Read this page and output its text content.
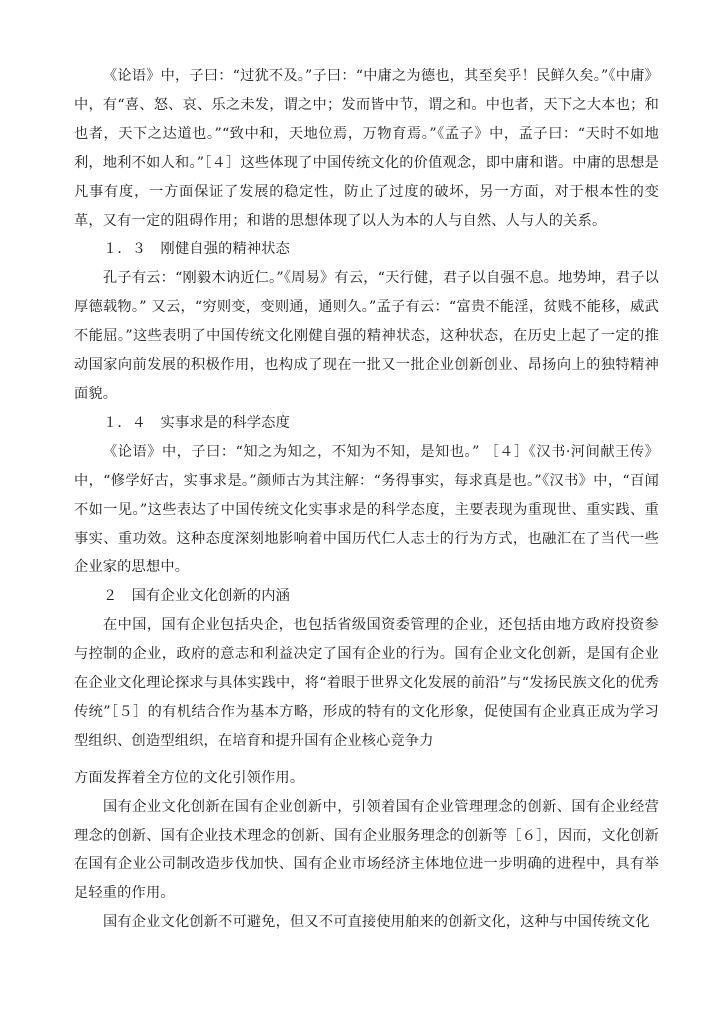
《论语》中，子曰：“过犹不及。”子曰：“中庸之为德也，其至矣乎！民鲜久矣。”《中庸》中，有“喜、怒、哀、乐之未发，谓之中；发而皆中节，谓之和。中也者，天下之大本也；和也者，天下之达道也。”“致中和，天地位焉，万物育焉。”《孟子》中，孟子曰：“天时不如地利，地利不如人和。”［４］这些体现了中国传统文化的价值观念，即中庸和谐。中庸的思想是凡事有度，一方面保证了发展的稳定性，防止了过度的破坏，另一方面，对于根本性的变革，又有一定的阻碍作用；和谐的思想体现了以人为本的人与自然、人与人的关系。

１．３　刚健自强的精神状态

孔子有云：“刚毅木讷近仁。”《周易》有云，“天行健，君子以自强不息。地势坤，君子以厚德载物。” 又云，“穷则变，变则通，通则久。”孟子有云：“富贵不能淫，贫贱不能移，威武不能屈。”这些表明了中国传统文化刚健自强的精神状态，这种状态，在历史上起了一定的推动国家向前发展的积极作用，也构成了现在一批又一批企业创新创业、昂扬向上的独特精神面貌。

１．４　实事求是的科学态度

《论语》中，子曰：“知之为知之，不知为不知，是知也。” ［４］《汉书·河间献王传》中，“修学好古，实事求是。”颜师古为其注解：“务得事实，每求真是也。”《汉书》中，“百闻不如一见。”这些表达了中国传统文化实事求是的科学态度，主要表现为重现世、重实践、重事实、重功效。这种态度深刻地影响着中国历代仁人志士的行为方式，也融汇在了当代一些企业家的思想中。

２　国有企业文化创新的内涵

在中国，国有企业包括央企，也包括省级国资委管理的企业，还包括由地方政府投资参与控制的企业，政府的意志和利益决定了国有企业的行为。国有企业文化创新，是国有企业在企业文化理论探求与具体实践中，将“着眼于世界文化发展的前沿”与“发扬民族文化的优秀传统”［５］的有机结合作为基本方略，形成的特有的文化形象，促使国有企业真正成为学习型组织、创造型组织，在培育和提升国有企业核心竞争力

方面发挥着全方位的文化引领作用。

国有企业文化创新在国有企业创新中，引领着国有企业管理理念的创新、国有企业经营理念的创新、国有企业技术理念的创新、国有企业服务理念的创新等［６］，因而，文化创新在国有企业公司制改造步伐加快、国有企业市场经济主体地位进一步明确的进程中，具有举足轻重的作用。

国有企业文化创新不可避免，但又不可直接使用舶来的创新文化，这种与中国传统文化
